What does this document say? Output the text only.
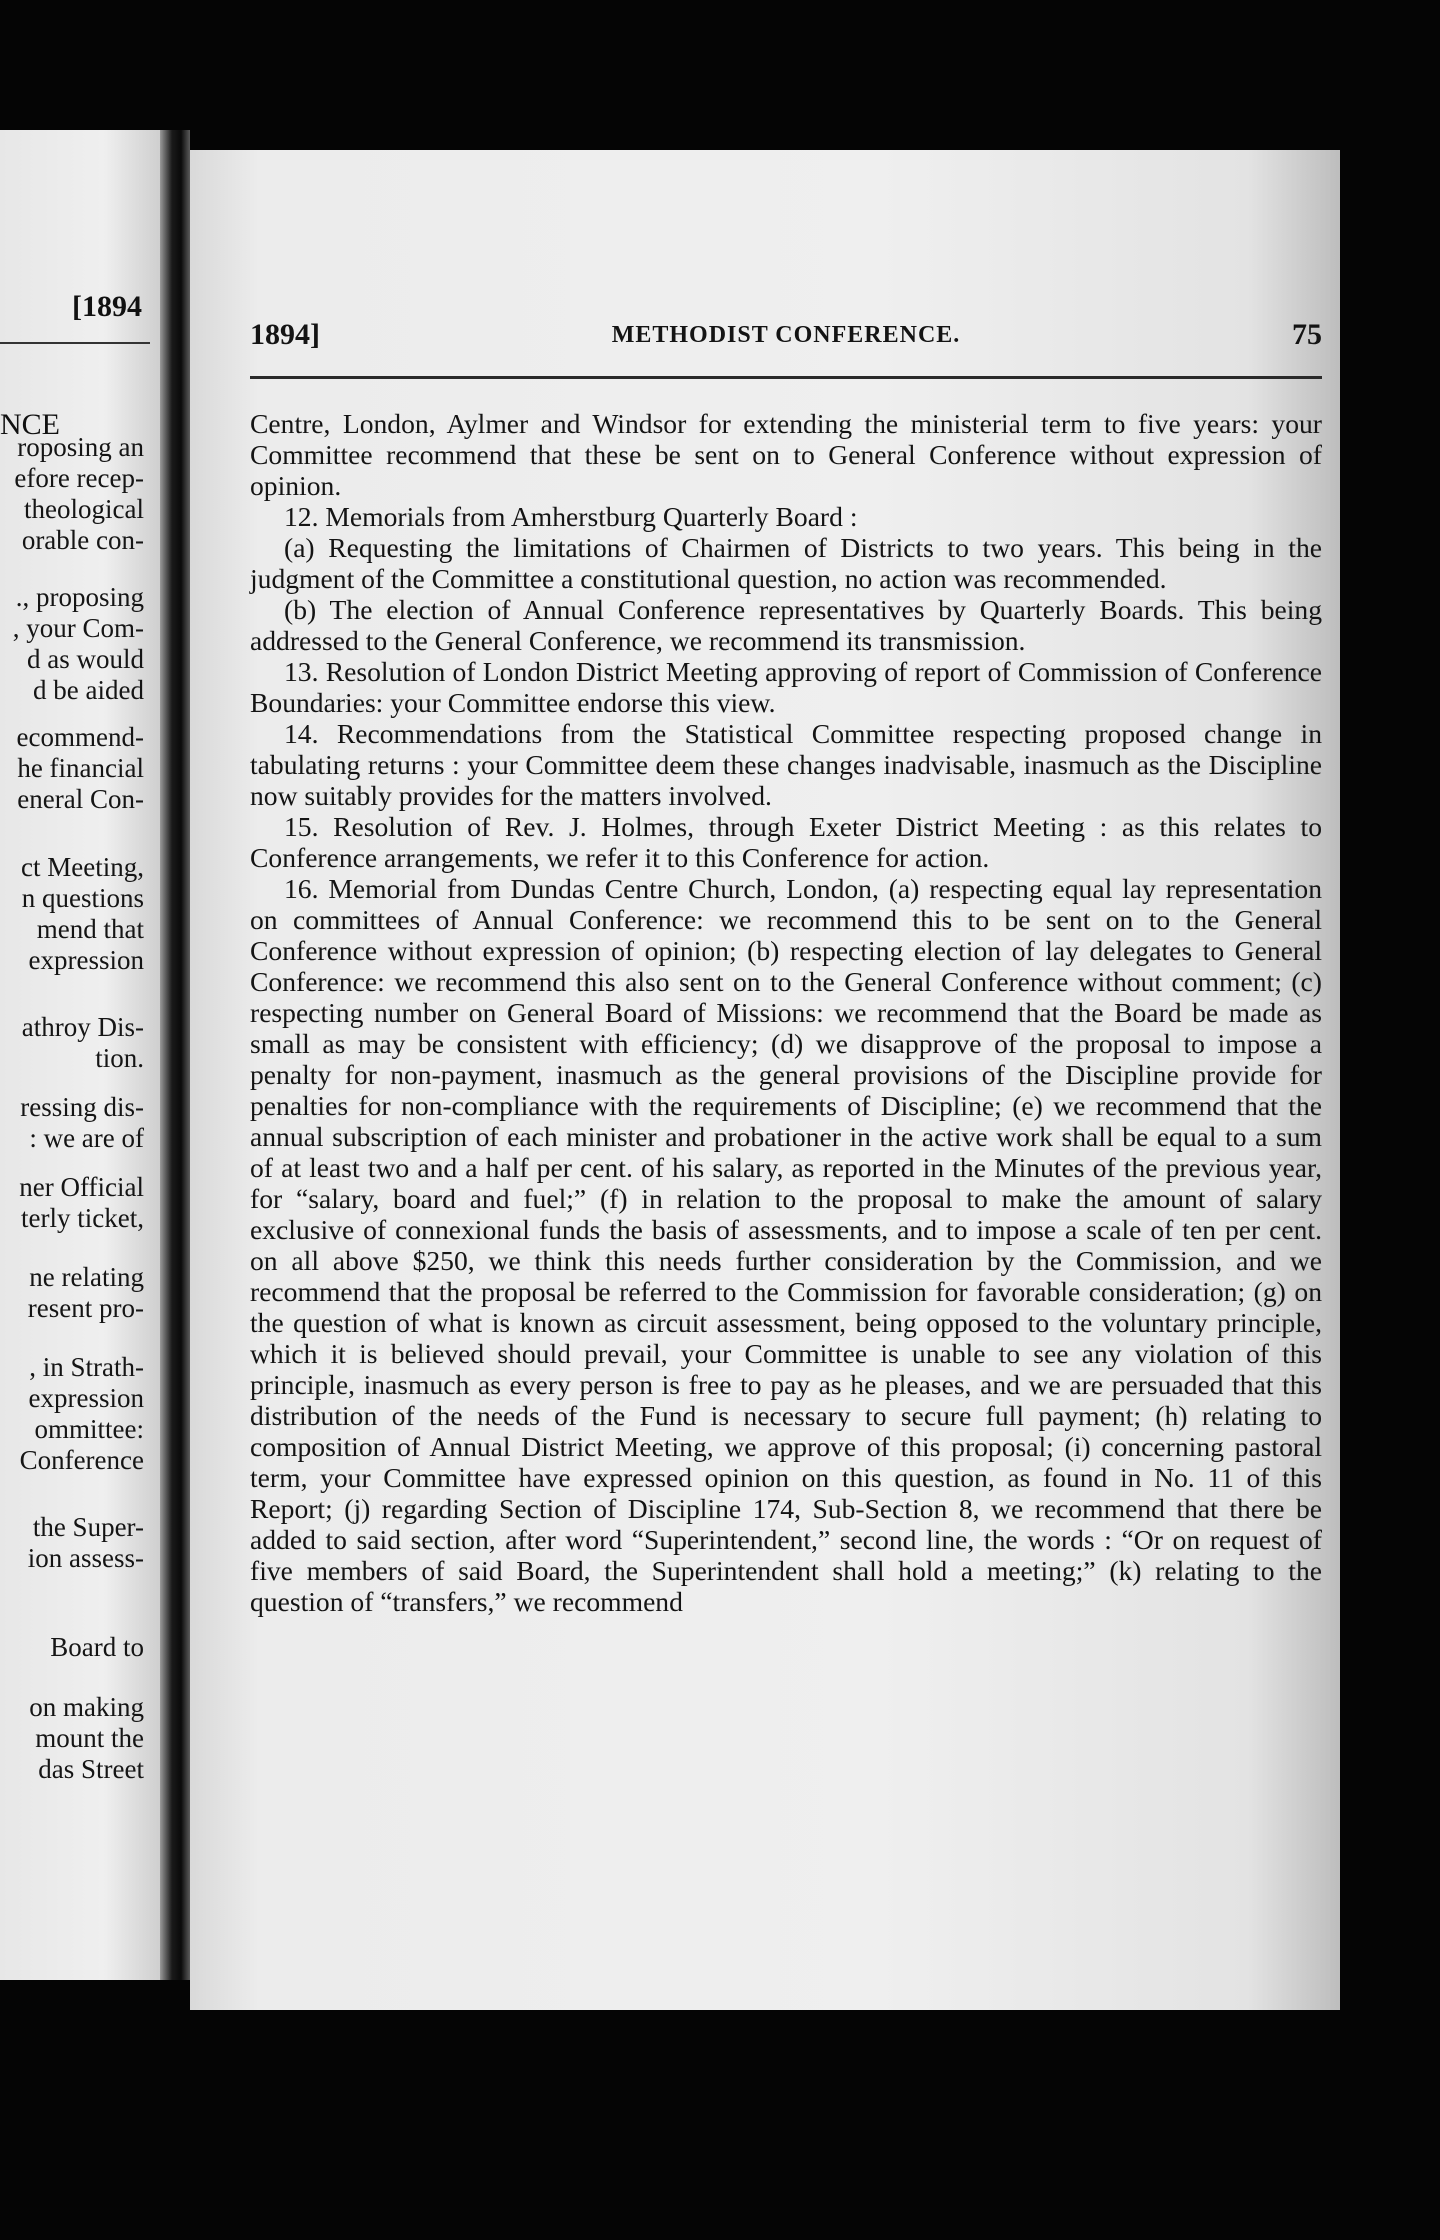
[1894
NCE
roposing an
efore recep-
theological
orable con-
., proposing
, your Com-
d as would
d be aided
ecommend-
he financial
eneral Con-
ct Meeting,
n questions
mend that
expression
athroy Dis-
tion.
ressing dis-
: we are of
ner Official
terly ticket,
ne relating
resent pro-
, in Strath-
expression
ommittee:
Conference
the Super-
ion assess-
Board to
on making
mount the
das Street
1894]	METHODIST CONFERENCE.	75

Centre, London, Aylmer and Windsor for extending the ministerial term to five years: your Committee recommend that these be sent on to General Conference without expression of opinion.

12. Memorials from Amherstburg Quarterly Board :

(a) Requesting the limitations of Chairmen of Districts to two years. This being in the judgment of the Committee a constitutional question, no action was recommended.

(b) The election of Annual Conference representatives by Quarterly Boards. This being addressed to the General Conference, we recommend its transmission.

13. Resolution of London District Meeting approving of report of Commission of Conference Boundaries: your Committee endorse this view.

14. Recommendations from the Statistical Committee respecting proposed change in tabulating returns : your Committee deem these changes inadvisable, inasmuch as the Discipline now suitably provides for the matters involved.

15. Resolution of Rev. J. Holmes, through Exeter District Meeting : as this relates to Conference arrangements, we refer it to this Conference for action.

16. Memorial from Dundas Centre Church, London, (a) respecting equal lay representation on committees of Annual Conference: we recommend this to be sent on to the General Conference without expression of opinion; (b) respecting election of lay delegates to General Conference: we recommend this also sent on to the General Conference without comment; (c) respecting number on General Board of Missions: we recommend that the Board be made as small as may be consistent with efficiency; (d) we disapprove of the proposal to impose a penalty for non-payment, inasmuch as the general provisions of the Discipline provide for penalties for non-compliance with the requirements of Discipline; (e) we recommend that the annual subscription of each minister and probationer in the active work shall be equal to a sum of at least two and a half per cent. of his salary, as reported in the Minutes of the previous year, for “salary, board and fuel;” (f) in relation to the proposal to make the amount of salary exclusive of connexional funds the basis of assessments, and to impose a scale of ten per cent. on all above $250, we think this needs further consideration by the Commission, and we recommend that the proposal be referred to the Commission for favorable consideration; (g) on the question of what is known as circuit assessment, being opposed to the voluntary principle, which it is believed should prevail, your Committee is unable to see any violation of this principle, inasmuch as every person is free to pay as he pleases, and we are persuaded that this distribution of the needs of the Fund is necessary to secure full payment; (h) relating to composition of Annual District Meeting, we approve of this proposal; (i) concerning pastoral term, your Committee have expressed opinion on this question, as found in No. 11 of this Report; (j) regarding Section of Discipline 174, Sub-Section 8, we recommend that there be added to said section, after word “Superintendent,” second line, the words : “Or on request of five members of said Board, the Superintendent shall hold a meeting;” (k) relating to the question of “transfers,” we recommend
